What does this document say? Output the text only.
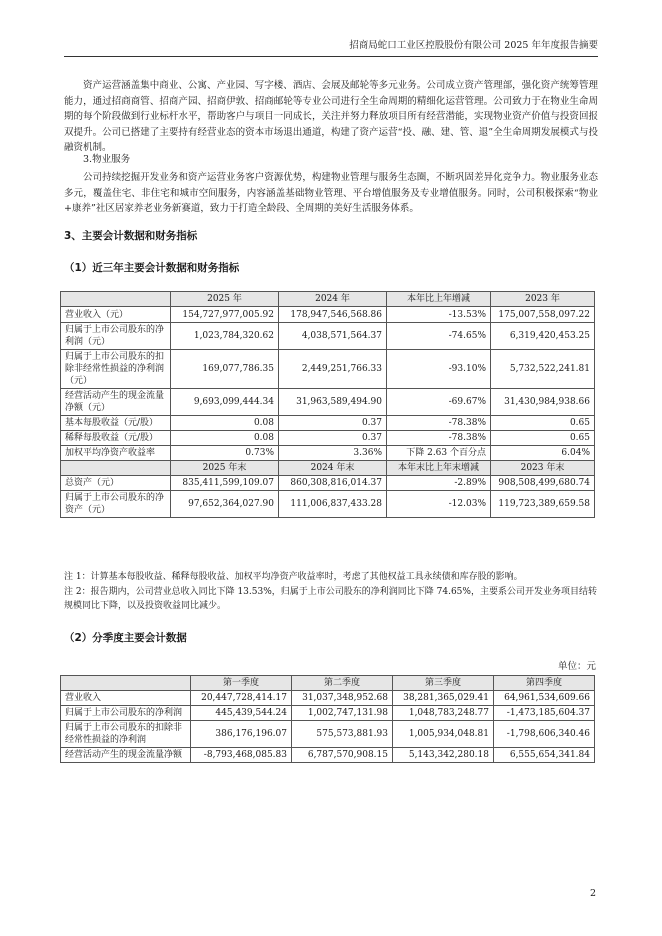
招商局蛇口工业区控股股份有限公司 2025 年年度报告摘要

资产运营涵盖集中商业、公寓、产业园、写字楼、酒店、会展及邮轮等多元业务。公司成立资产管理部，强化资产统筹管理能力，通过招商商管、招商产园、招商伊敦、招商邮轮等专业公司进行全生命周期的精细化运营管理。公司致力于在物业生命周期的每个阶段做到行业标杆水平，帮助客户与项目一同成长，关注并努力释放项目所有经营潜能，实现物业资产价值与投资回报双提升。公司已搭建了主要持有经营业态的资本市场退出通道，构建了资产运营“投、融、建、管、退”全生命周期发展模式与投融资机制。

3.物业服务

公司持续挖掘开发业务和资产运营业务客户资源优势，构建物业管理与服务生态圈，不断巩固差异化竞争力。物业服务业态多元，覆盖住宅、非住宅和城市空间服务，内容涵盖基础物业管理、平台增值服务及专业增值服务。同时，公司积极探索“物业+康养”社区居家养老业务新赛道，致力于打造全龄段、全周期的美好生活服务体系。

3、主要会计数据和财务指标
（1）近三年主要会计数据和财务指标
	2025 年	2024 年	本年比上年增减	2023 年
营业收入（元）	154,727,977,005.92	178,947,546,568.86	-13.53%	175,007,558,097.22
归属于上市公司股东的净利润（元）	1,023,784,320.62	4,038,571,564.37	-74.65%	6,319,420,453.25
归属于上市公司股东的扣除非经常性损益的净利润（元）	169,077,786.35	2,449,251,766.33	-93.10%	5,732,522,241.81
经营活动产生的现金流量净额（元）	9,693,099,444.34	31,963,589,494.90	-69.67%	31,430,984,938.66
基本每股收益（元/股）	0.08	0.37	-78.38%	0.65
稀释每股收益（元/股）	0.08	0.37	-78.38%	0.65
加权平均净资产收益率	0.73%	3.36%	下降 2.63 个百分点	6.04%
	2025 年末	2024 年末	本年末比上年末增减	2023 年末
总资产（元）	835,411,599,109.07	860,308,816,014.37	-2.89%	908,508,499,680.74
归属于上市公司股东的净资产（元）	97,652,364,027.90	111,006,837,433.28	-12.03%	119,723,389,659.58

注 1：计算基本每股收益、稀释每股收益、加权平均净资产收益率时，考虑了其他权益工具永续债和库存股的影响。

注 2：报告期内，公司营业总收入同比下降 13.53%，归属于上市公司股东的净利润同比下降 74.65%，主要系公司开发业务项目结转规模同比下降，以及投资收益同比减少。

（2）分季度主要会计数据
单位：元
	第一季度	第二季度	第三季度	第四季度
营业收入	20,447,728,414.17	31,037,348,952.68	38,281,365,029.41	64,961,534,609.66
归属于上市公司股东的净利润	445,439,544.24	1,002,747,131.98	1,048,783,248.77	-1,473,185,604.37
归属于上市公司股东的扣除非经常性损益的净利润	386,176,196.07	575,573,881.93	1,005,934,048.81	-1,798,606,340.46
经营活动产生的现金流量净额	-8,793,468,085.83	6,787,570,908.15	5,143,342,280.18	6,555,654,341.84
2
